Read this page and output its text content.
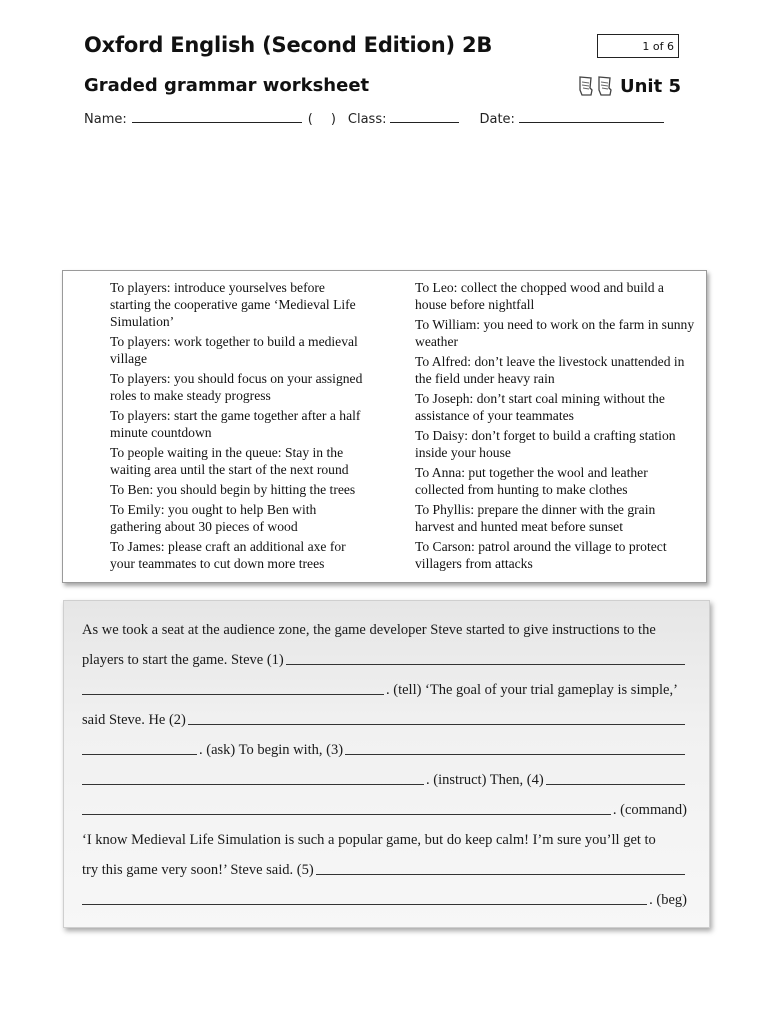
Oxford English (Second Edition) 2B	1 of 6
Graded grammar worksheet	Unit 5
Name:	( ) Class:	Date:
To players: introduce yourselves before starting the cooperative game ‘Medieval Life Simulation’
To players: work together to build a medieval village
To players: you should focus on your assigned roles to make steady progress
To players: start the game together after a half minute countdown
To people waiting in the queue: Stay in the waiting area until the start of the next round
To Ben: you should begin by hitting the trees
To Emily: you ought to help Ben with gathering about 30 pieces of wood
To James: please craft an additional axe for your teammates to cut down more trees
To Leo: collect the chopped wood and build a house before nightfall
To William: you need to work on the farm in sunny weather
To Alfred: don’t leave the livestock unattended in the field under heavy rain
To Joseph: don’t start coal mining without the assistance of your teammates
To Daisy: don’t forget to build a crafting station inside your house
To Anna: put together the wool and leather collected from hunting to make clothes
To Phyllis: prepare the dinner with the grain harvest and hunted meat before sunset
To Carson: patrol around the village to protect villagers from attacks
As we took a seat at the audience zone, the game developer Steve started to give instructions to the
players to start the game. Steve (1)
. (tell) ‘The goal of your trial gameplay is simple,’
said Steve. He (2)
. (ask) To begin with, (3)
. (instruct) Then, (4)
. (command)
‘I know Medieval Life Simulation is such a popular game, but do keep calm! I’m sure you’ll get to
try this game very soon!’ Steve said. (5)
. (beg)
